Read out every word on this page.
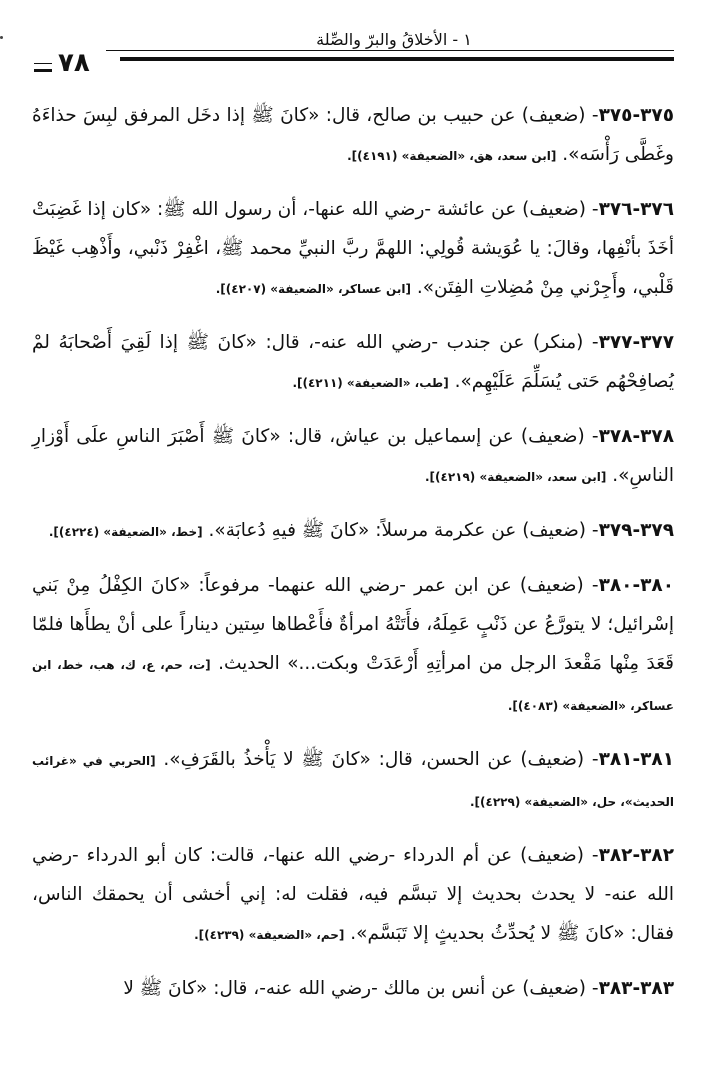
٧٨
١ - الأخلاقُ والبرّ والصِّلة

٣٧٥-٣٧٥- (ضعيف) عن حبيب بن صالح، قال: «كانَ ﷺ إذا دخَل المرفق لبِسَ حذاءَهُ وغَطَّى رَأْسَه». [ابن سعد، هق، «الضعيفة» (٤١٩١)].

٣٧٦-٣٧٦- (ضعيف) عن عائشة -رضي الله عنها-، أن رسول الله ﷺ: «كان إذا غَضِبَتْ أخَذَ بأنْفِها، وقالَ: يا عُوَيشة قُولِي: اللهمَّ ربَّ النبيِّ محمد ﷺ، اغْفِرْ ذَنْبي، وأَذْهِب غَيْظَ قَلْبي، وأَجِرْني مِنْ مُضِلاتِ الفِتَن». [ابن عساكر، «الضعيفة» (٤٢٠٧)].

٣٧٧-٣٧٧- (منكر) عن جندب -رضي الله عنه-، قال: «كانَ ﷺ إذا لَقِيَ أَصْحابَهُ لمْ يُصافِحْهُم حَتى يُسَلِّمَ عَلَيْهِم». [طب، «الضعيفة» (٤٢١١)].

٣٧٨-٣٧٨- (ضعيف) عن إسماعيل بن عياش، قال: «كانَ ﷺ أَصْبَرَ الناسِ علَى أَوْزارِ الناسِ». [ابن سعد، «الضعيفة» (٤٢١٩)].

٣٧٩-٣٧٩- (ضعيف) عن عكرمة مرسلاً: «كانَ ﷺ فيهِ دُعابَة». [خط، «الضعيفة» (٤٢٢٤)].

٣٨٠-٣٨٠- (ضعيف) عن ابن عمر -رضي الله عنهما- مرفوعاً: «كانَ الكِفْلُ مِنْ بَني إسْرائيل؛ لا يتورَّعُ عن ذَنْبٍ عَمِلَهُ، فأَتَتْهُ امرأةٌ فأَعْطاها سِتين ديناراً على أنْ يطأَها فلمّا قَعَدَ مِنْها مَقْعدَ الرجل من امرأتِهِ أَرْعَدَتْ وبكت...» الحديث. [ت، حم، ع، ك، هب، خط، ابن عساكر، «الضعيفة» (٤٠٨٣)].

٣٨١-٣٨١- (ضعيف) عن الحسن، قال: «كانَ ﷺ لا يَأْخذُ بالقَرَفِ». [الحربي في «غرائب الحديث»، حل، «الضعيفة» (٤٢٢٩)].

٣٨٢-٣٨٢- (ضعيف) عن أم الدرداء -رضي الله عنها-، قالت: كان أبو الدرداء -رضي الله عنه- لا يحدث بحديث إلا تبسَّم فيه، فقلت له: إني أخشى أن يحمقك الناس، فقال: «كانَ ﷺ لا يُحدِّثُ بحديثٍ إلا تَبَسَّم». [حم، «الضعيفة» (٤٢٣٩)].

٣٨٣-٣٨٣- (ضعيف) عن أنس بن مالك -رضي الله عنه-، قال: «كانَ ﷺ لا
